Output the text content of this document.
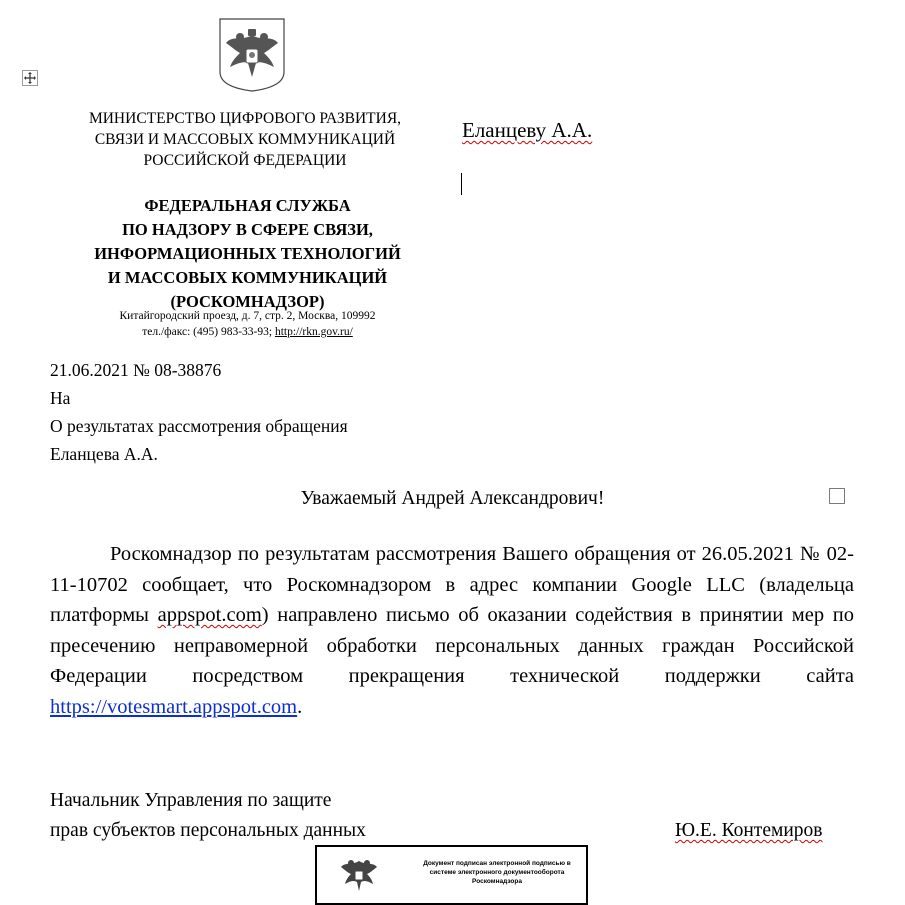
МИНИСТЕРСТВО ЦИФРОВОГО РАЗВИТИЯ,
СВЯЗИ И МАССОВЫХ КОММУНИКАЦИЙ
РОССИЙСКОЙ ФЕДЕРАЦИИ
ФЕДЕРАЛЬНАЯ СЛУЖБА
ПО НАДЗОРУ В СФЕРЕ СВЯЗИ,
ИНФОРМАЦИОННЫХ ТЕХНОЛОГИЙ
И МАССОВЫХ КОММУНИКАЦИЙ
(РОСКОМНАДЗОР)
Китайгородский проезд, д. 7, стр. 2, Москва, 109992
тел./факс: (495) 983-33-93; http://rkn.gov.ru/
Еланцеву А.А.
21.06.2021 № 08-38876
На
О результатах рассмотрения обращения
Еланцева А.А.
Уважаемый Андрей Александрович!

Роскомнадзор по результатам рассмотрения Вашего обращения от 26.05.2021 № 02-11-10702 сообщает, что Роскомнадзором в адрес компании Google LLC (владельца платформы appspot.com) направлено письмо об оказании содействия в принятии мер по пресечению неправомерной обработки персональных данных граждан Российской Федерации посредством прекращения технической поддержки сайта https://votesmart.appspot.com.

Начальник Управления по защите
прав субъектов персональных данных	Ю.Е. Контемиров
Документ подписан электронной подписью в
системе электронного документооборота
Роскомнадзора
